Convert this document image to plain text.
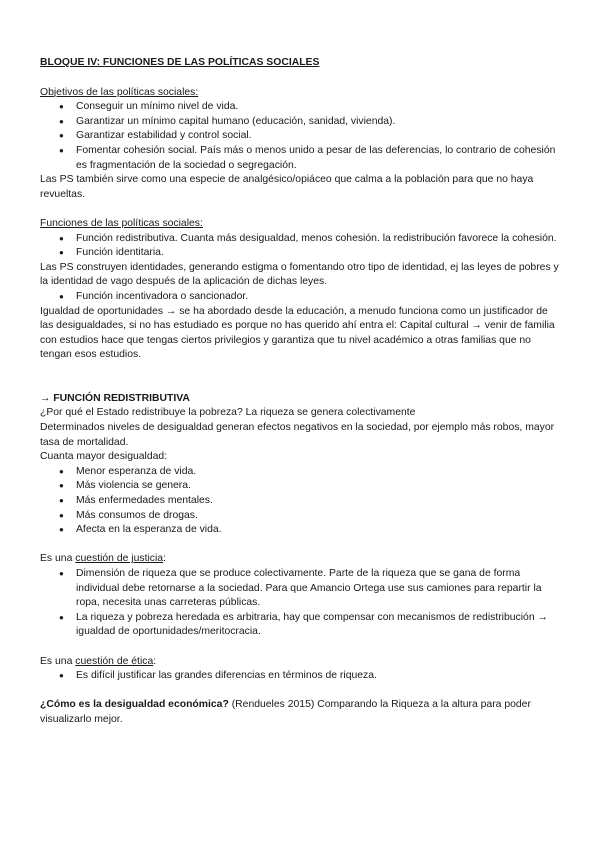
BLOQUE IV: FUNCIONES DE LAS POLÍTICAS SOCIALES

Objetivos de las políticas sociales:

● Conseguir un mínimo nivel de vida.
● Garantizar un mínimo capital humano (educación, sanidad, vivienda).
● Garantizar estabilidad y control social.
● Fomentar cohesión social. País más o menos unido a pesar de las deferencias, lo contrario de cohesión es fragmentación de la sociedad o segregación.

Las PS también sirve como una especie de analgésico/opiáceo que calma a la población para que no haya revueltas.

Funciones de las políticas sociales:

● Función redistributiva. Cuanta más desigualdad, menos cohesión. la redistribución favorece la cohesión.
● Función identitaria.

Las PS construyen identidades, generando estigma o fomentando otro tipo de identidad, ej las leyes de pobres y la identidad de vago después de la aplicación de dichas leyes.

● Función incentivadora o sancionador.

Igualdad de oportunidades → se ha abordado desde la educación, a menudo funciona como un justificador de las desigualdades, si no has estudiado es porque no has querido ahí entra el: Capital cultural → venir de familia con estudios hace que tengas ciertos privilegios y garantiza que tu nivel académico a otras familias que no tengan esos estudios.

→ FUNCIÓN REDISTRIBUTIVA

¿Por qué el Estado redistribuye la pobreza? La riqueza se genera colectivamente

Determinados niveles de desigualdad generan efectos negativos en la sociedad, por ejemplo más robos, mayor tasa de mortalidad.

Cuanta mayor desigualdad:

● Menor esperanza de vida.
● Más violencia se genera.
● Más enfermedades mentales.
● Más consumos de drogas.
● Afecta en la esperanza de vida.

Es una cuestión de justicia:

● Dimensión de riqueza que se produce colectivamente. Parte de la riqueza que se gana de forma individual debe retornarse a la sociedad. Para que Amancio Ortega use sus camiones para repartir la ropa, necesita unas carreteras públicas.
● La riqueza y pobreza heredada es arbitraria, hay que compensar con mecanismos de redistribución → igualdad de oportunidades/meritocracia.

Es una cuestión de ética:

● Es difícil justificar las grandes diferencias en términos de riqueza.

¿Cómo es la desigualdad económica? (Rendueles 2015) Comparando la Riqueza a la altura para poder visualizarlo mejor.
